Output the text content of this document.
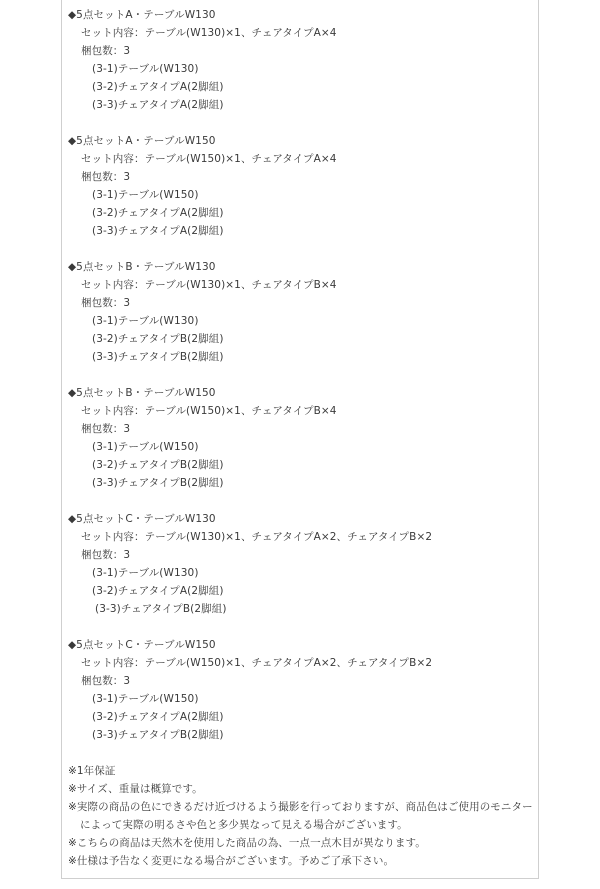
◆5点セットA・テーブルW130
セット内容：テーブル(W130)×1、チェアタイプA×4
梱包数：3
(3-1)テーブル(W130)
(3-2)チェアタイプA(2脚組)
(3-3)チェアタイプA(2脚組)
◆5点セットA・テーブルW150
セット内容：テーブル(W150)×1、チェアタイプA×4
梱包数：3
(3-1)テーブル(W150)
(3-2)チェアタイプA(2脚組)
(3-3)チェアタイプA(2脚組)
◆5点セットB・テーブルW130
セット内容：テーブル(W130)×1、チェアタイプB×4
梱包数：3
(3-1)テーブル(W130)
(3-2)チェアタイプB(2脚組)
(3-3)チェアタイプB(2脚組)
◆5点セットB・テーブルW150
セット内容：テーブル(W150)×1、チェアタイプB×4
梱包数：3
(3-1)テーブル(W150)
(3-2)チェアタイプB(2脚組)
(3-3)チェアタイプB(2脚組)
◆5点セットC・テーブルW130
セット内容：テーブル(W130)×1、チェアタイプA×2、チェアタイプB×2
梱包数：3
(3-1)テーブル(W130)
(3-2)チェアタイプA(2脚組)
(3-3)チェアタイプB(2脚組)
◆5点セットC・テーブルW150
セット内容：テーブル(W150)×1、チェアタイプA×2、チェアタイプB×2
梱包数：3
(3-1)テーブル(W150)
(3-2)チェアタイプA(2脚組)
(3-3)チェアタイプB(2脚組)
※1年保証
※サイズ、重量は概算です。
※実際の商品の色にできるだけ近づけるよう撮影を行っておりますが、商品色はご使用のモニター
によって実際の明るさや色と多少異なって見える場合がございます。
※こちらの商品は天然木を使用した商品の為、一点一点木目が異なります。
※仕様は予告なく変更になる場合がございます。予めご了承下さい。
